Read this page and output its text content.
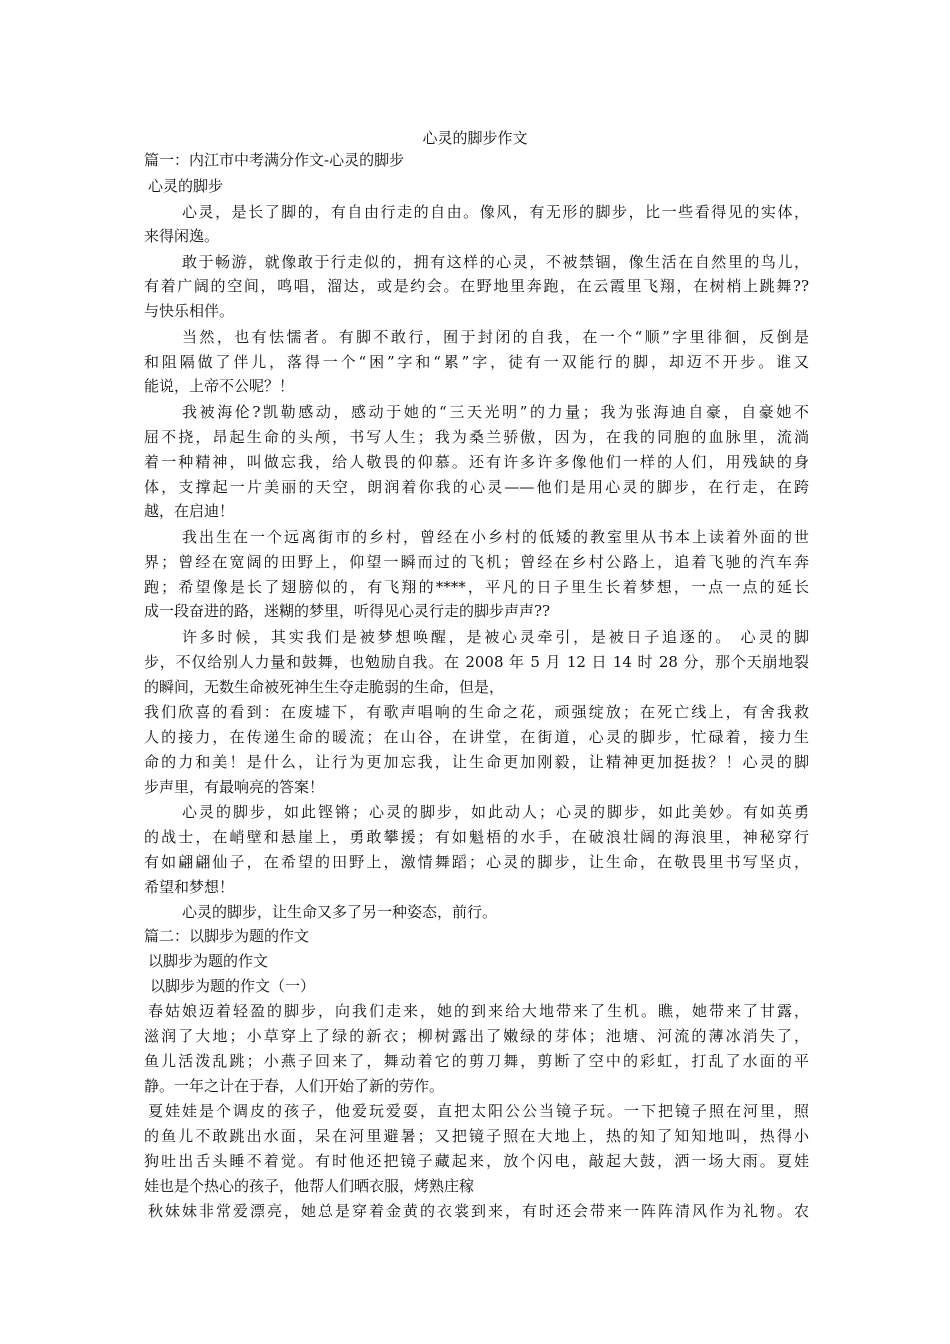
心灵的脚步作文
篇一：内江市中考满分作文-心灵的脚步
心灵的脚步
心灵，是长了脚的，有自由行走的自由。像风，有无形的脚步，比一些看得见的实体，
来得闲逸。
敢于畅游，就像敢于行走似的，拥有这样的心灵，不被禁锢，像生活在自然里的鸟儿，
有着广阔的空间，鸣唱，溜达，或是约会。在野地里奔跑，在云霞里飞翔，在树梢上跳舞??
与快乐相伴。
当然，也有怯懦者。有脚不敢行，囿于封闭的自我，在一个“顺”字里徘徊，反倒是
和阻隔做了伴儿，落得一个“困”字和“累”字，徒有一双能行的脚，却迈不开步。谁又
能说，上帝不公呢？！
我被海伦?凯勒感动，感动于她的“三天光明”的力量；我为张海迪自豪，自豪她不
屈不挠，昂起生命的头颅，书写人生；我为桑兰骄傲，因为，在我的同胞的血脉里，流淌
着一种精神，叫做忘我，给人敬畏的仰慕。还有许多许多像他们一样的人们，用残缺的身
体，支撑起一片美丽的天空，朗润着你我的心灵——他们是用心灵的脚步，在行走，在跨
越，在启迪！
我出生在一个远离街市的乡村，曾经在小乡村的低矮的教室里从书本上读着外面的世
界；曾经在宽阔的田野上，仰望一瞬而过的飞机；曾经在乡村公路上，追着飞驰的汽车奔
跑；希望像是长了翅膀似的，有飞翔的****，平凡的日子里生长着梦想，一点一点的延长
成一段奋进的路，迷糊的梦里，听得见心灵行走的脚步声声??
许多时候，其实我们是被梦想唤醒，是被心灵牵引，是被日子追逐的。 心灵的脚
步，不仅给别人力量和鼓舞，也勉励自我。在 2008 年 5 月 12 日 14 时 28 分，那个天崩地裂
的瞬间，无数生命被死神生生夺走脆弱的生命，但是，
我们欣喜的看到：在废墟下，有歌声唱响的生命之花，顽强绽放；在死亡线上，有舍我救
人的接力，在传递生命的暖流；在山谷，在讲堂，在街道，心灵的脚步，忙碌着，接力生
命的力和美！是什么，让行为更加忘我，让生命更加刚毅，让精神更加挺拔？！心灵的脚
步声里，有最响亮的答案！
心灵的脚步，如此铿锵；心灵的脚步，如此动人；心灵的脚步，如此美妙。有如英勇
的战士，在峭壁和悬崖上，勇敢攀援；有如魁梧的水手，在破浪壮阔的海浪里，神秘穿行
有如翩翩仙子，在希望的田野上，激情舞蹈；心灵的脚步，让生命，在敬畏里书写坚贞，
希望和梦想！
心灵的脚步，让生命又多了另一种姿态，前行。
篇二：以脚步为题的作文
以脚步为题的作文
以脚步为题的作文（一）
春姑娘迈着轻盈的脚步，向我们走来，她的到来给大地带来了生机。瞧，她带来了甘露，
滋润了大地；小草穿上了绿的新衣；柳树露出了嫩绿的芽体；池塘、河流的薄冰消失了，
鱼儿活泼乱跳；小燕子回来了，舞动着它的剪刀舞，剪断了空中的彩虹，打乱了水面的平
静。一年之计在于春，人们开始了新的劳作。
夏娃娃是个调皮的孩子，他爱玩爱耍，直把太阳公公当镜子玩。一下把镜子照在河里，照
的鱼儿不敢跳出水面，呆在河里避暑；又把镜子照在大地上，热的知了知知地叫，热得小
狗吐出舌头睡不着觉。有时他还把镜子藏起来，放个闪电，敲起大鼓，洒一场大雨。夏娃
娃也是个热心的孩子，他帮人们晒衣服，烤熟庄稼
秋妹妹非常爱漂亮，她总是穿着金黄的衣裳到来，有时还会带来一阵阵清风作为礼物。农
